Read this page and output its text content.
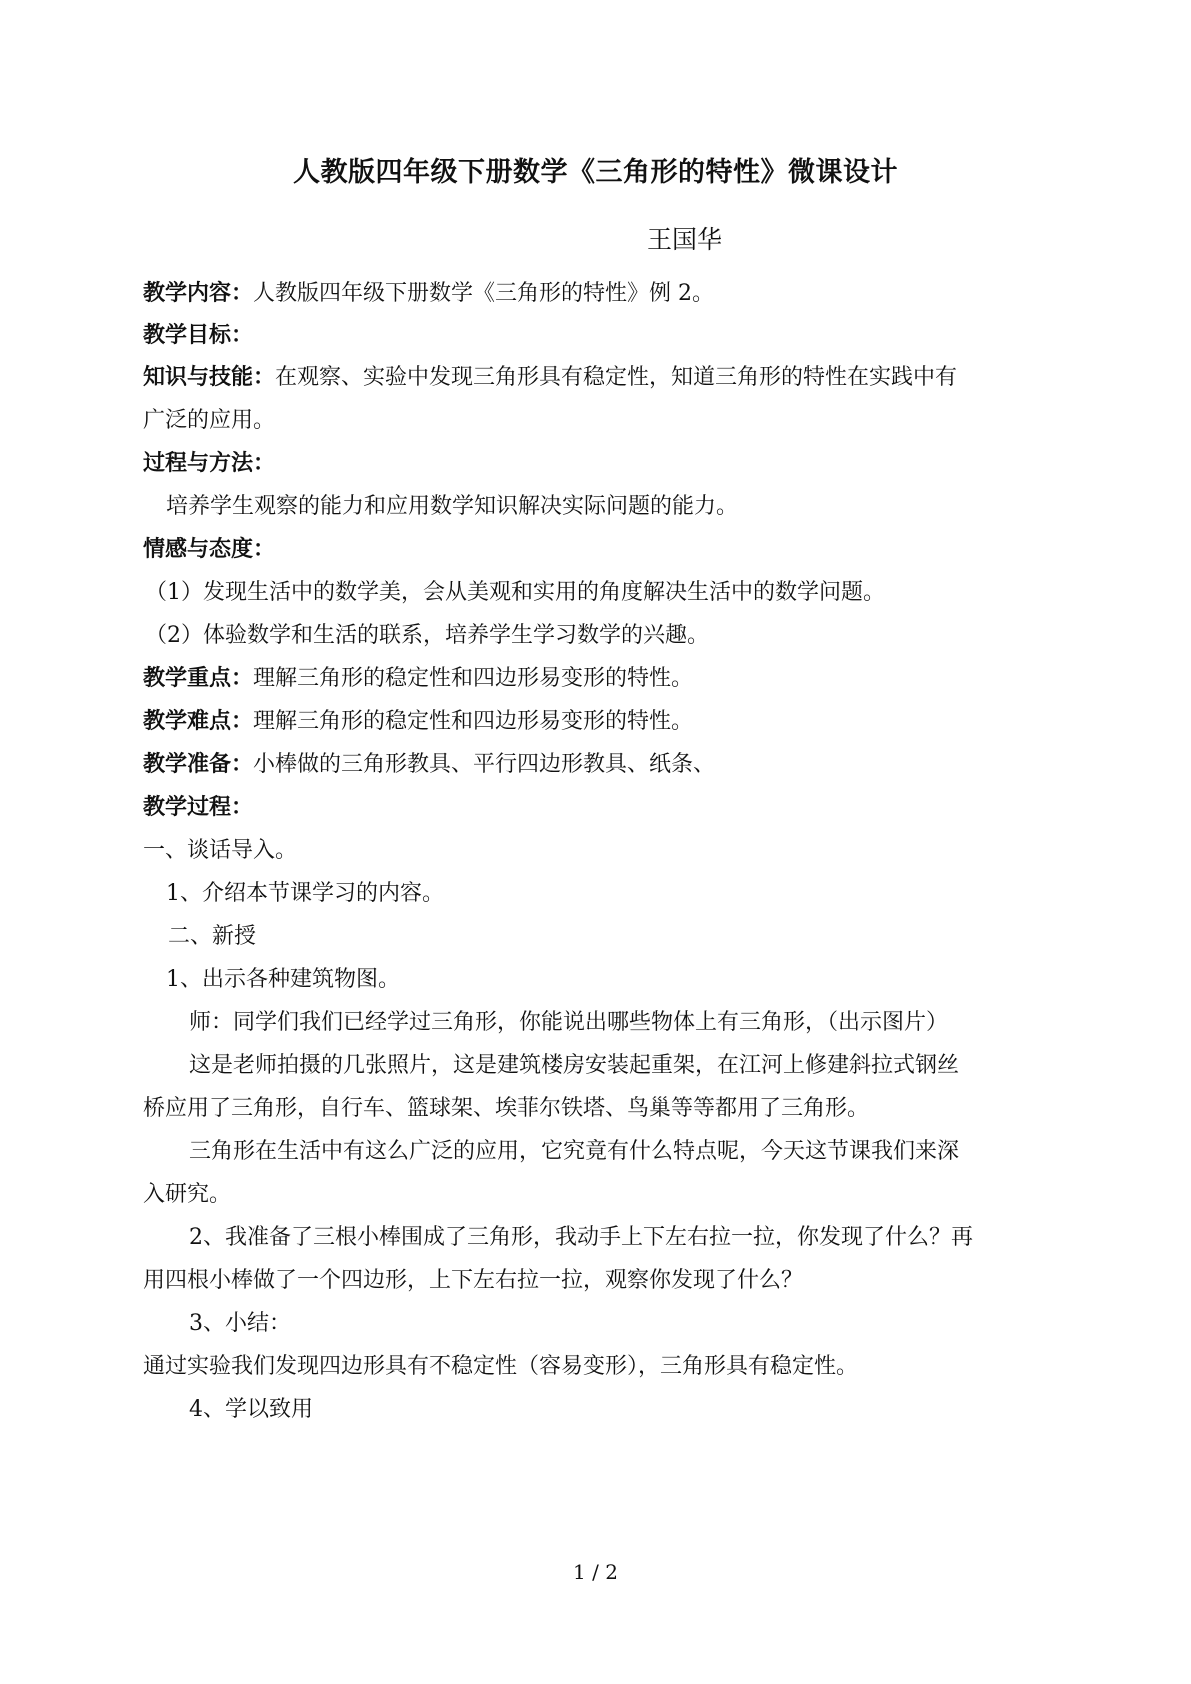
人教版四年级下册数学《三角形的特性》微课设计
王国华
教学内容：人教版四年级下册数学《三角形的特性》例 2。
教学目标：
知识与技能：在观察、实验中发现三角形具有稳定性，知道三角形的特性在实践中有
广泛的应用。
过程与方法：
培养学生观察的能力和应用数学知识解决实际问题的能力。
情感与态度：
（1）发现生活中的数学美，会从美观和实用的角度解决生活中的数学问题。
（2）体验数学和生活的联系，培养学生学习数学的兴趣。
教学重点：理解三角形的稳定性和四边形易变形的特性。
教学难点：理解三角形的稳定性和四边形易变形的特性。
教学准备：小棒做的三角形教具、平行四边形教具、纸条、
教学过程：
一、谈话导入。
1、介绍本节课学习的内容。
二、新授
1、出示各种建筑物图。
师：同学们我们已经学过三角形，你能说出哪些物体上有三角形，（出示图片）
这是老师拍摄的几张照片，这是建筑楼房安装起重架，在江河上修建斜拉式钢丝
桥应用了三角形，自行车、篮球架、埃菲尔铁塔、鸟巢等等都用了三角形。
三角形在生活中有这么广泛的应用，它究竟有什么特点呢，今天这节课我们来深
入研究。
2、我准备了三根小棒围成了三角形，我动手上下左右拉一拉，你发现了什么？再
用四根小棒做了一个四边形，上下左右拉一拉，观察你发现了什么？
3、小结：
通过实验我们发现四边形具有不稳定性（容易变形），三角形具有稳定性。
4、学以致用
1 / 2
